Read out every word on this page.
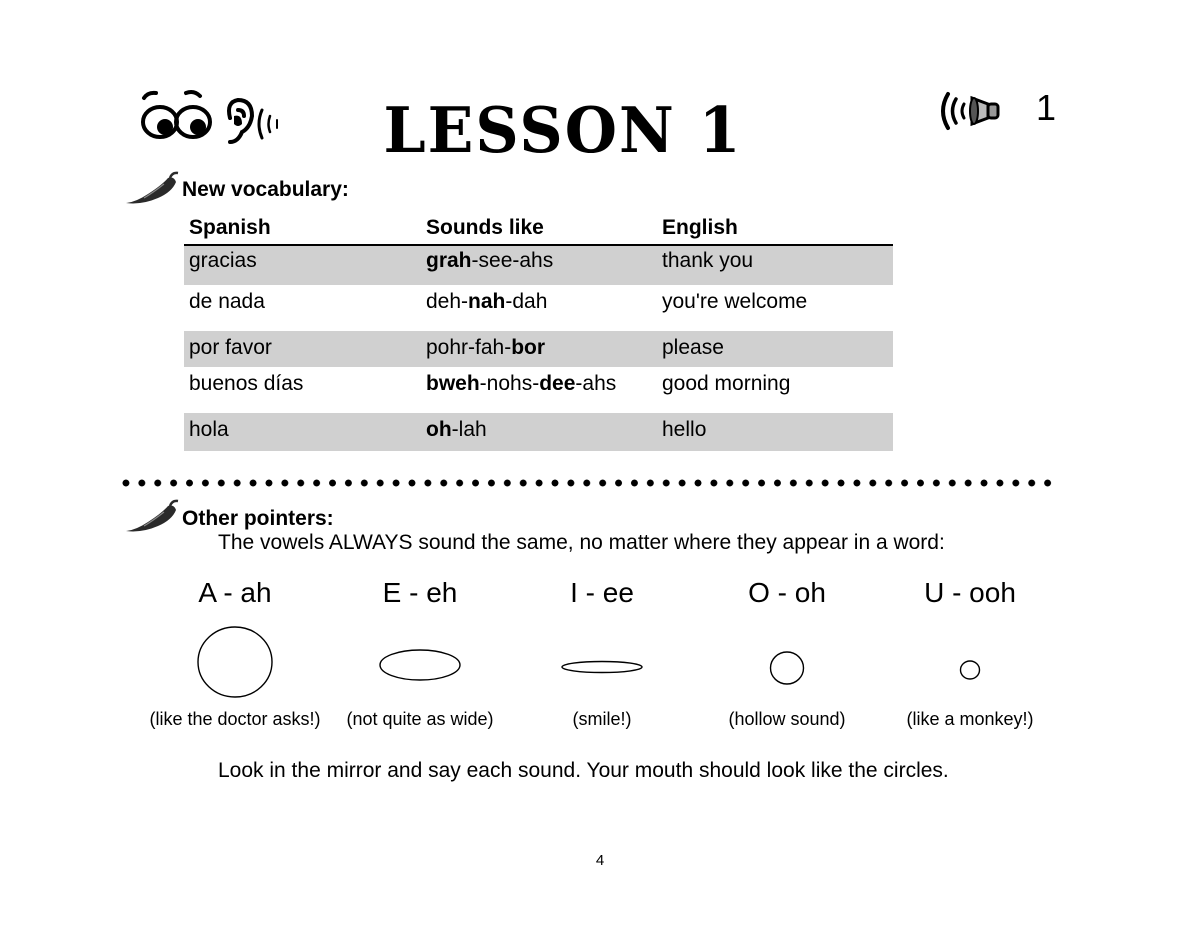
LESSON 1	1
New vocabulary:
Spanish	Sounds like	English
gracias	grah-see-ahs	thank you
de nada	deh-nah-dah	you're welcome
por favor	pohr-fah-bor	please
buenos días	bweh-nohs-dee-ahs	good morning
hola	oh-lah	hello
Other pointers:
The vowels ALWAYS sound the same, no matter where they appear in a word:
A - ah
(like the doctor asks!)
E - eh
(not quite as wide)
I - ee
(smile!)
O - oh
(hollow sound)
U - ooh
(like a monkey!)
Look in the mirror and say each sound. Your mouth should look like the circles.
4
